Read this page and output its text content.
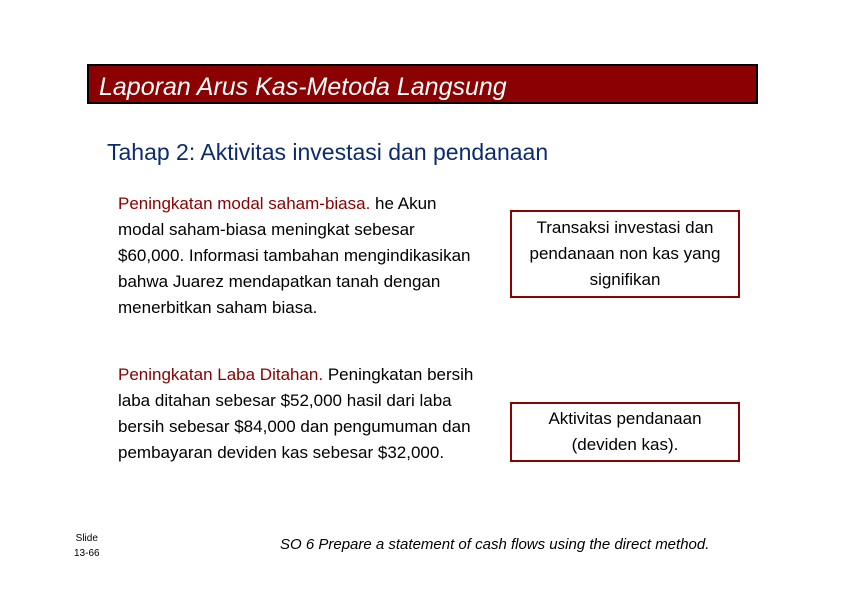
Laporan Arus Kas-Metoda Langsung
Tahap 2: Aktivitas investasi dan pendanaan
Peningkatan modal saham-biasa. he Akun modal saham-biasa meningkat sebesar $60,000. Informasi tambahan mengindikasikan bahwa Juarez mendapatkan tanah dengan menerbitkan saham biasa.
Transaksi investasi dan pendanaan non kas yang signifikan
Peningkatan Laba Ditahan. Peningkatan bersih laba ditahan sebesar $52,000 hasil dari laba bersih sebesar $84,000 dan pengumuman dan pembayaran deviden kas sebesar $32,000.
Aktivitas pendanaan (deviden kas).
Slide
13-66
SO 6 Prepare a statement of cash flows using the direct method.
